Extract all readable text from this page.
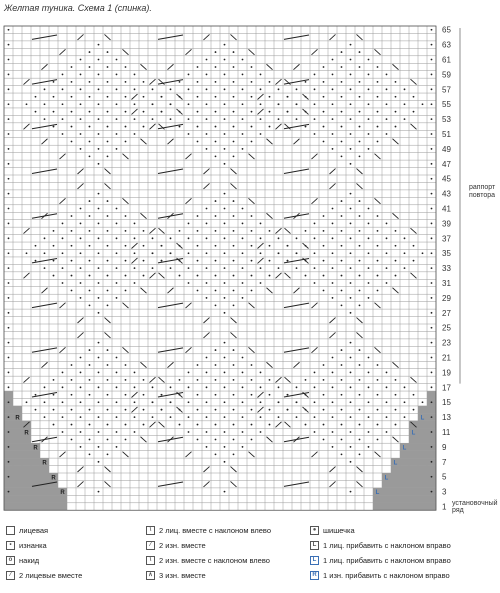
Желтая туника. Схема 1 (спинка).
R	L
R	L
R	L
R	L
R	L
R	L
65
63
61
59
57
55
53
51
49
47
45
43
41
39
37
35
33
31
29
27
25
23
21
19
17
15
13
11
9
7
5
3
1
раппорт повтора
установочный ряд
лицевая
• изнанка
o накид
⁄	2 лицевые вместе
\	2 лиц. вместе с наклоном влево
⁄	2 изн. вместе
\	2 изн. вместе с наклоном влево
∧ 3 изн. вместе
● шишечка
L 1 лиц. прибавить с наклоном вправо
L 1 лиц. прибавить с наклоном вправо
R 1 изн. прибавить с наклоном вправо
